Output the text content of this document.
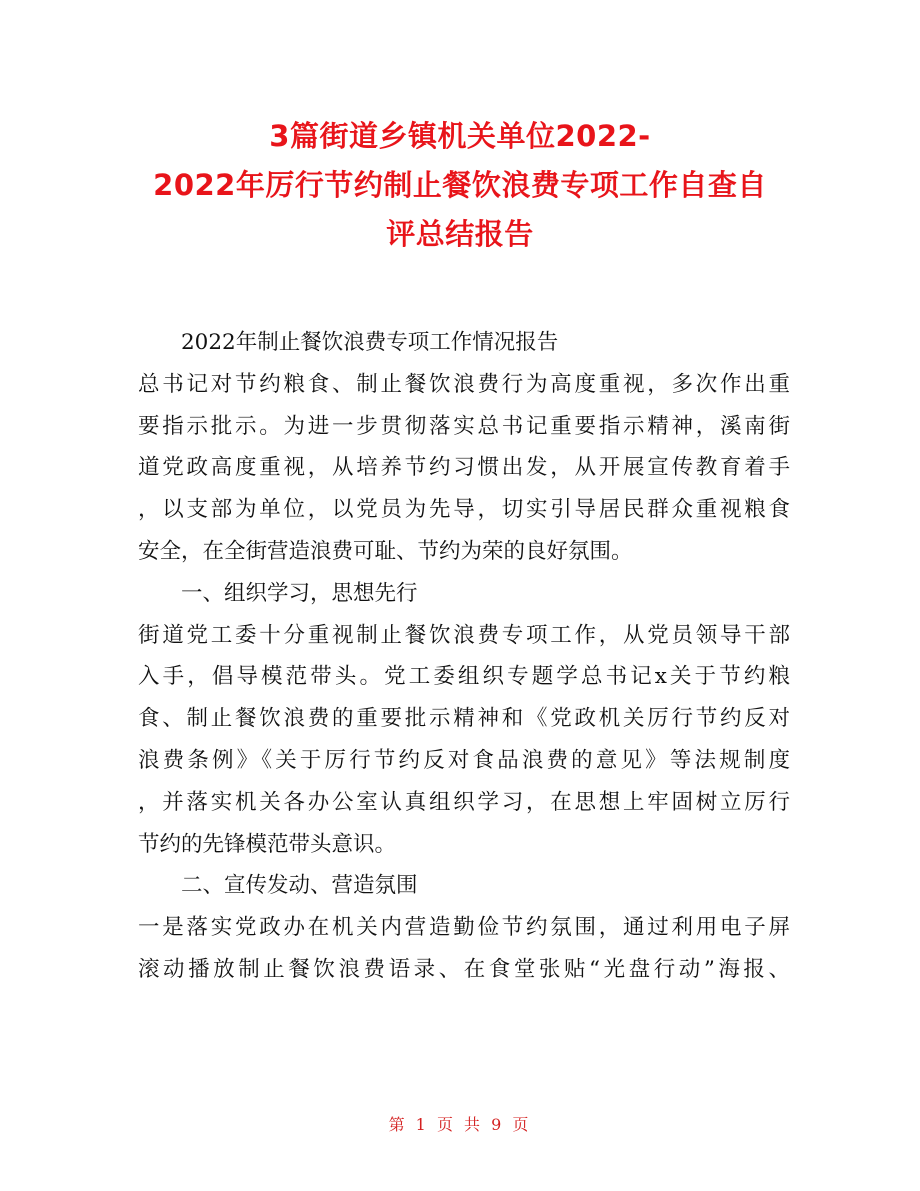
3篇街道乡镇机关单位2022-
2022年厉行节约制止餐饮浪费专项工作自查自
评总结报告
2022年制止餐饮浪费专项工作情况报告
总书记对节约粮食、制止餐饮浪费行为高度重视，多次作出重
要指示批示。为进一步贯彻落实总书记重要指示精神，溪南街
道党政高度重视，从培养节约习惯出发，从开展宣传教育着手
，以支部为单位，以党员为先导，切实引导居民群众重视粮食
安全，在全街营造浪费可耻、节约为荣的良好氛围。
一、组织学习，思想先行
街道党工委十分重视制止餐饮浪费专项工作，从党员领导干部
入手，倡导模范带头。党工委组织专题学总书记x关于节约粮
食、制止餐饮浪费的重要批示精神和《党政机关厉行节约反对
浪费条例》《关于厉行节约反对食品浪费的意见》等法规制度
，并落实机关各办公室认真组织学习，在思想上牢固树立厉行
节约的先锋模范带头意识。
二、宣传发动、营造氛围
一是落实党政办在机关内营造勤俭节约氛围，通过利用电子屏
滚动播放制止餐饮浪费语录、在食堂张贴“光盘行动”海报、
第 1 页 共 9 页
